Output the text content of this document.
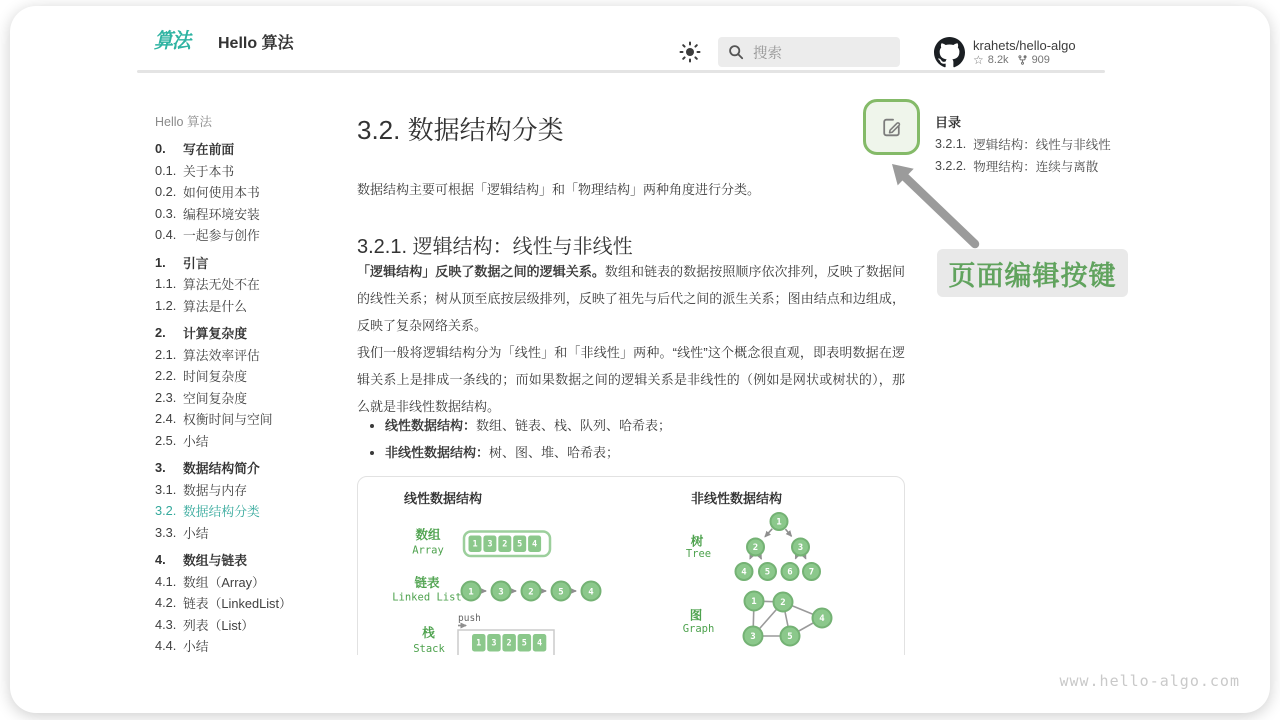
算法 Hello 算法
搜索	krahets/hello-algo
☆ 8.2k 909
Hello 算法
0.	写在前面
0.1. 关于本书
0.2. 如何使用本书
0.3. 编程环境安装
0.4. 一起参与创作
1.	引言
1.1. 算法无处不在
1.2. 算法是什么
2.	计算复杂度
2.1. 算法效率评估
2.2. 时间复杂度
2.3. 空间复杂度
2.4. 权衡时间与空间
2.5. 小结
3.	数据结构简介
3.1. 数据与内存
3.2. 数据结构分类
3.3. 小结
4.	数组与链表
4.1. 数组（Array）
4.2. 链表（LinkedList）
4.3. 列表（List）
4.4. 小结
3.2. 数据结构分类

数据结构主要可根据「逻辑结构」和「物理结构」两种角度进行分类。

3.2.1. 逻辑结构：线性与非线性

「逻辑结构」反映了数据之间的逻辑关系。数组和链表的数据按照顺序依次排列，反映了数据间的线性关系；树从顶至底按层级排列，反映了祖先与后代之间的派生关系；图由结点和边组成，反映了复杂网络关系。

我们一般将逻辑结构分为「线性」和「非线性」两种。“线性”这个概念很直观，即表明数据在逻辑关系上是排成一条线的；而如果数据之间的逻辑关系是非线性的（例如是网状或树状的），那么就是非线性数据结构。

• 线性数据结构：数组、链表、栈、队列、哈希表；
• 非线性数据结构：树、图、堆、哈希表；
数组
Array
链表
Linked List
栈
Stack
树
Tree
图
Graph
1 3 2 5 4
1	3	2	5	4
push
1 3 2 5 4
1
2	3
4 5 6 7
1	2
3
4
5
线性数据结构	非线性数据结构
目录
3.2.1. 逻辑结构：线性与非线性
3.2.2. 物理结构：连续与离散
页面编辑按键
www.hello-algo.com
